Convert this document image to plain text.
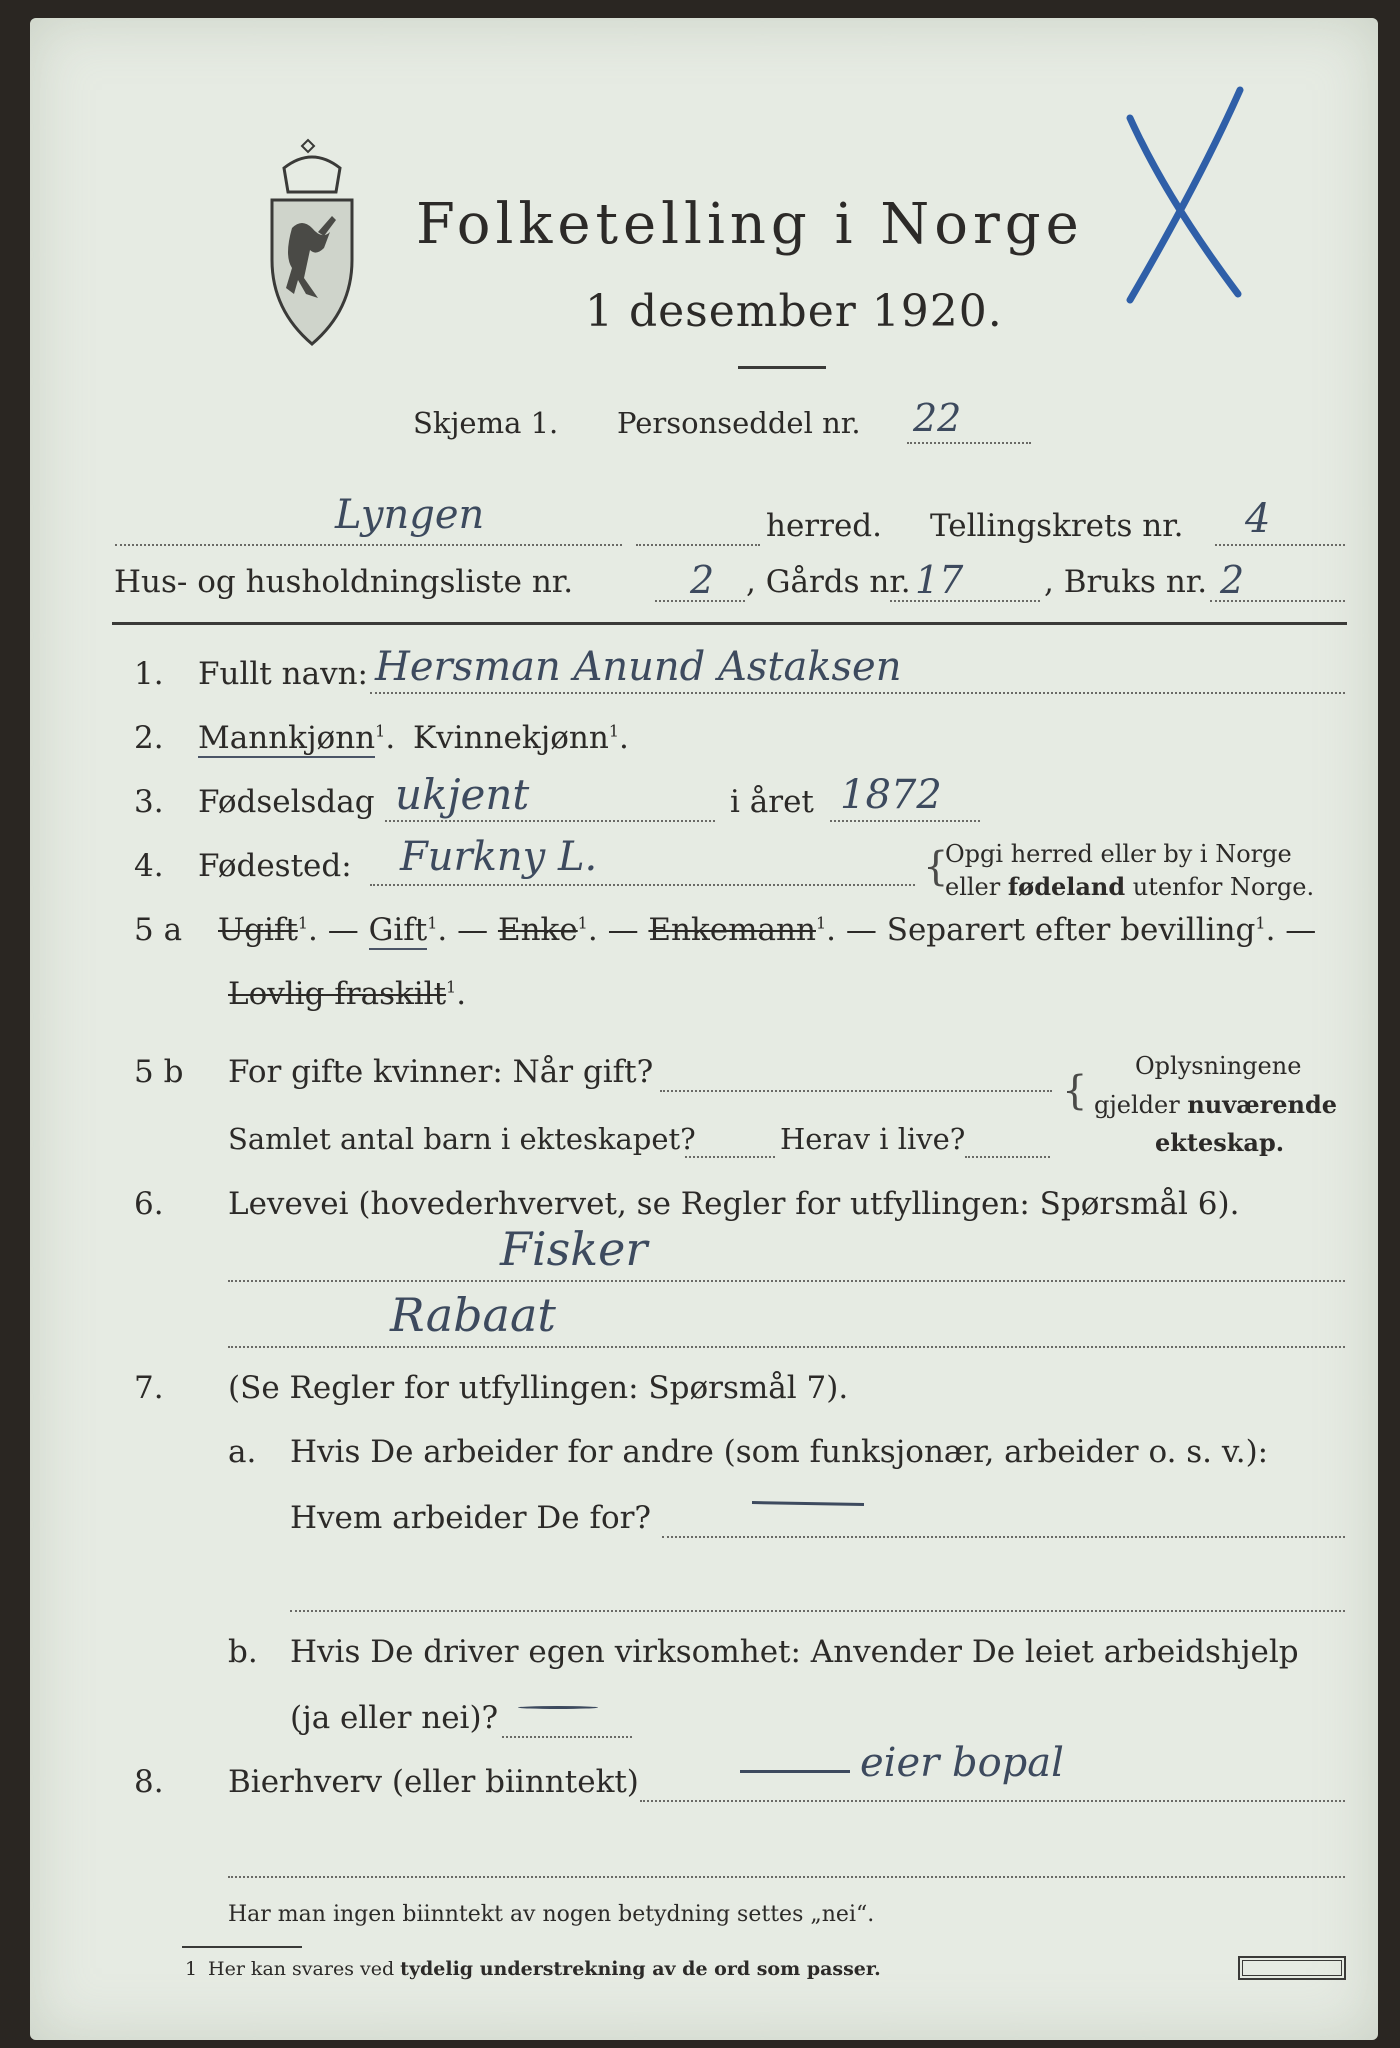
Folketelling i Norge
1 desember 1920.
Skjema 1. Personseddel nr. 22
Lyngen	herred. Tellingskrets nr. 4
Hus- og husholdningsliste nr.	2 , Gårds nr. 17	, Bruks nr. 2
1. Fullt navn: Hersman Anund Astaksen
2. Mannkjønn$^1$. Kvinnekjønn$^1$.
3. Fødselsdag ukjent	i året 1872
4. Fødested: Furkny L.	{
Opgi herred eller by i Norge
eller fødeland utenfor Norge.
5 a Ugift$^1$. — Gift$^1$. — Enke$^1$. — Enkemann$^1$. — Separert efter bevilling$^1$. —
Lovlig fraskilt$^1$.
5 b For gifte kvinner: Når gift?
Samlet antal barn i ekteskapet?	Herav i live?
{
Oplysningene
gjelder nuværende
ekteskap.
6. Levevei (hovederhvervet, se Regler for utfyllingen: Spørsmål 6).
Fisker
Rabaat
7. (Se Regler for utfyllingen: Spørsmål 7).
a. Hvis De arbeider for andre (som funksjonær, arbeider o. s. v.):
Hvem arbeider De for?
b. Hvis De driver egen virksomhet: Anvender De leiet arbeidshjelp
(ja eller nei)?
8. Bierhverv (eller biinntekt)	eier bopal
Har man ingen biinntekt av nogen betydning settes „nei“.
1 Her kan svares ved tydelig understrekning av de ord som passer.
